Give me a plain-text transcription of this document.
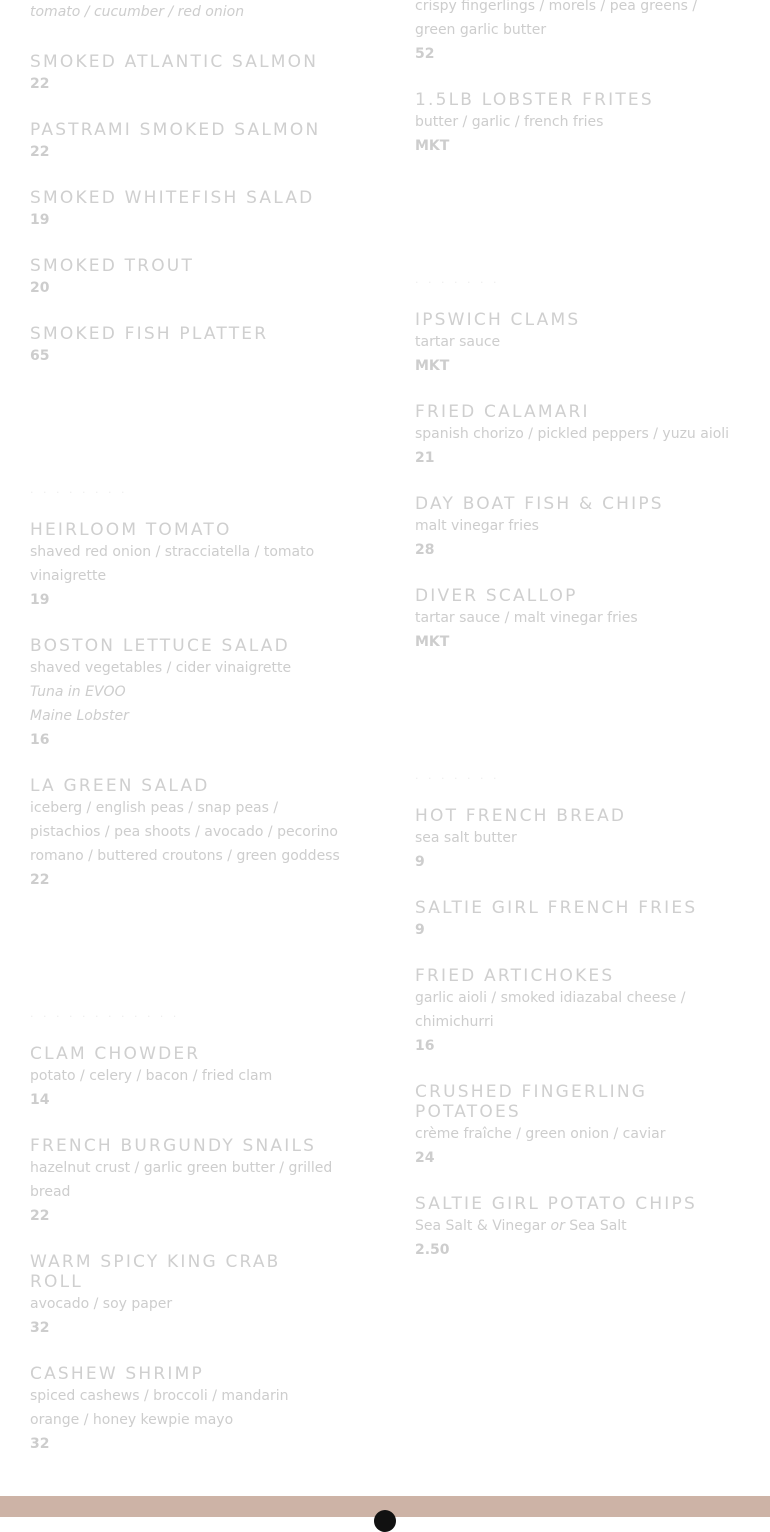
tomato / cucumber / red onion
SMOKED ATLANTIC SALMON
22
PASTRAMI SMOKED SALMON
22
SMOKED WHITEFISH SALAD
19
SMOKED TROUT
20
SMOKED FISH PLATTER
65
· · · · · · · ·
HEIRLOOM TOMATO
shaved red onion / stracciatella / tomato
vinaigrette
19
BOSTON LETTUCE SALAD
shaved vegetables / cider vinaigrette
Tuna in EVOO
Maine Lobster
16
LA GREEN SALAD
iceberg / english peas / snap peas /
pistachios / pea shoots / avocado / pecorino
romano / buttered croutons / green goddess
22
· · · · · · · · · · · ·
CLAM CHOWDER
potato / celery / bacon / fried clam
14
FRENCH BURGUNDY SNAILS
hazelnut crust / garlic green butter / grilled
bread
22
WARM SPICY KING CRAB
ROLL
avocado / soy paper
32
CASHEW SHRIMP
spiced cashews / broccoli / mandarin
orange / honey kewpie mayo
32
crispy fingerlings / morels / pea greens /
green garlic butter
52
1.5LB LOBSTER FRITES
butter / garlic / french fries
MKT
· · · · · · ·
IPSWICH CLAMS
tartar sauce
MKT
FRIED CALAMARI
spanish chorizo / pickled peppers / yuzu aioli
21
DAY BOAT FISH & CHIPS
malt vinegar fries
28
DIVER SCALLOP
tartar sauce / malt vinegar fries
MKT
· · · · · · ·
HOT FRENCH BREAD
sea salt butter
9
SALTIE GIRL FRENCH FRIES
9
FRIED ARTICHOKES
garlic aioli / smoked idiazabal cheese /
chimichurri
16
CRUSHED FINGERLING
POTATOES
crème fraîche / green onion / caviar
24
SALTIE GIRL POTATO CHIPS
Sea Salt & Vinegar or Sea Salt
2.50
